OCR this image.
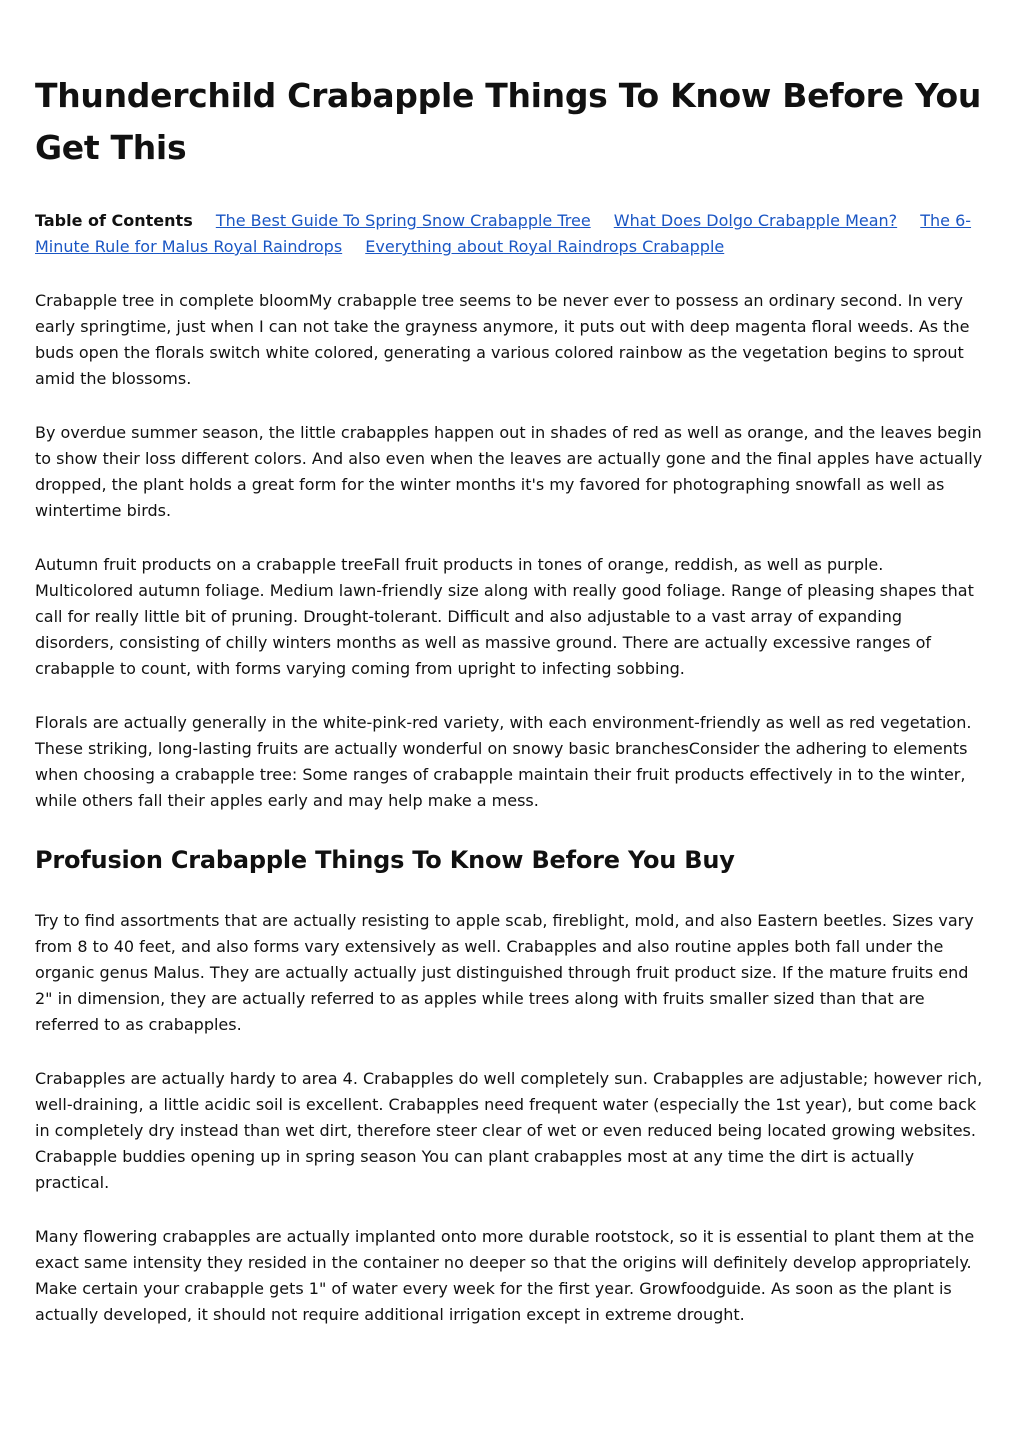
Thunderchild Crabapple Things To Know Before You Get This
Table of Contents The Best Guide To Spring Snow Crabapple Tree What Does Dolgo Crabapple Mean? The 6-Minute Rule for Malus Royal Raindrops Everything about Royal Raindrops Crabapple

Crabapple tree in complete bloomMy crabapple tree seems to be never ever to possess an ordinary second. In very early springtime, just when I can not take the grayness anymore, it puts out with deep magenta floral weeds. As the buds open the florals switch white colored, generating a various colored rainbow as the vegetation begins to sprout amid the blossoms.

By overdue summer season, the little crabapples happen out in shades of red as well as orange, and the leaves begin to show their loss different colors. And also even when the leaves are actually gone and the final apples have actually dropped, the plant holds a great form for the winter months it's my favored for photographing snowfall as well as wintertime birds.

Autumn fruit products on a crabapple treeFall fruit products in tones of orange, reddish, as well as purple. Multicolored autumn foliage. Medium lawn-friendly size along with really good foliage. Range of pleasing shapes that call for really little bit of pruning. Drought-tolerant. Difficult and also adjustable to a vast array of expanding disorders, consisting of chilly winters months as well as massive ground. There are actually excessive ranges of crabapple to count, with forms varying coming from upright to infecting sobbing.

Florals are actually generally in the white-pink-red variety, with each environment-friendly as well as red vegetation. These striking, long-lasting fruits are actually wonderful on snowy basic branchesConsider the adhering to elements when choosing a crabapple tree: Some ranges of crabapple maintain their fruit products effectively in to the winter, while others fall their apples early and may help make a mess.

Profusion Crabapple Things To Know Before You Buy

Try to find assortments that are actually resisting to apple scab, fireblight, mold, and also Eastern beetles. Sizes vary from 8 to 40 feet, and also forms vary extensively as well. Crabapples and also routine apples both fall under the organic genus Malus. They are actually actually just distinguished through fruit product size. If the mature fruits end 2" in dimension, they are actually referred to as apples while trees along with fruits smaller sized than that are referred to as crabapples.

Crabapples are actually hardy to area 4. Crabapples do well completely sun. Crabapples are adjustable; however rich, well-draining, a little acidic soil is excellent. Crabapples need frequent water (especially the 1st year), but come back in completely dry instead than wet dirt, therefore steer clear of wet or even reduced being located growing websites. Crabapple buddies opening up in spring season You can plant crabapples most at any time the dirt is actually practical.

Many flowering crabapples are actually implanted onto more durable rootstock, so it is essential to plant them at the exact same intensity they resided in the container no deeper so that the origins will definitely develop appropriately. Make certain your crabapple gets 1" of water every week for the first year. Growfoodguide. As soon as the plant is actually developed, it should not require additional irrigation except in extreme drought.
